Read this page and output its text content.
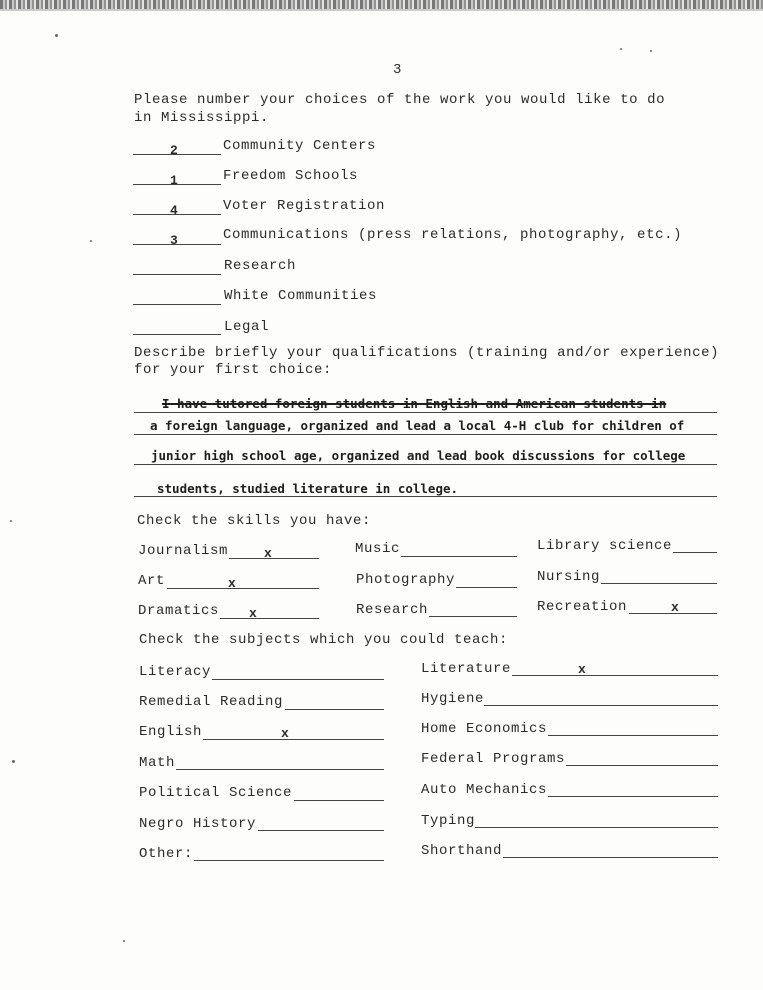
3
Please number your choices of the work you would like to do
in Mississippi.
2	Community Centers
1	Freedom Schools
4	Voter Registration
3	Communications (press relations, photography, etc.)
Research
White Communities
Legal
Describe briefly your qualifications (training and/or experience)
for your first choice:
I have tutored foreign students in English and American students in
a foreign language, organized and lead a local 4-H club for children of
junior high school age, organized and lead book discussions for college
students, studied literature in college.
Check the skills you have:
Journalism	x	Music	Library science
Art	x	Photography	Nursing
Dramatics x	Research	Recreation	x
Check the subjects which you could teach:
Literacy	Literature	x
Remedial Reading	Hygiene
English	x	Home Economics
Math	Federal Programs
Political Science	Auto Mechanics
Negro History	Typing
Other:	Shorthand
